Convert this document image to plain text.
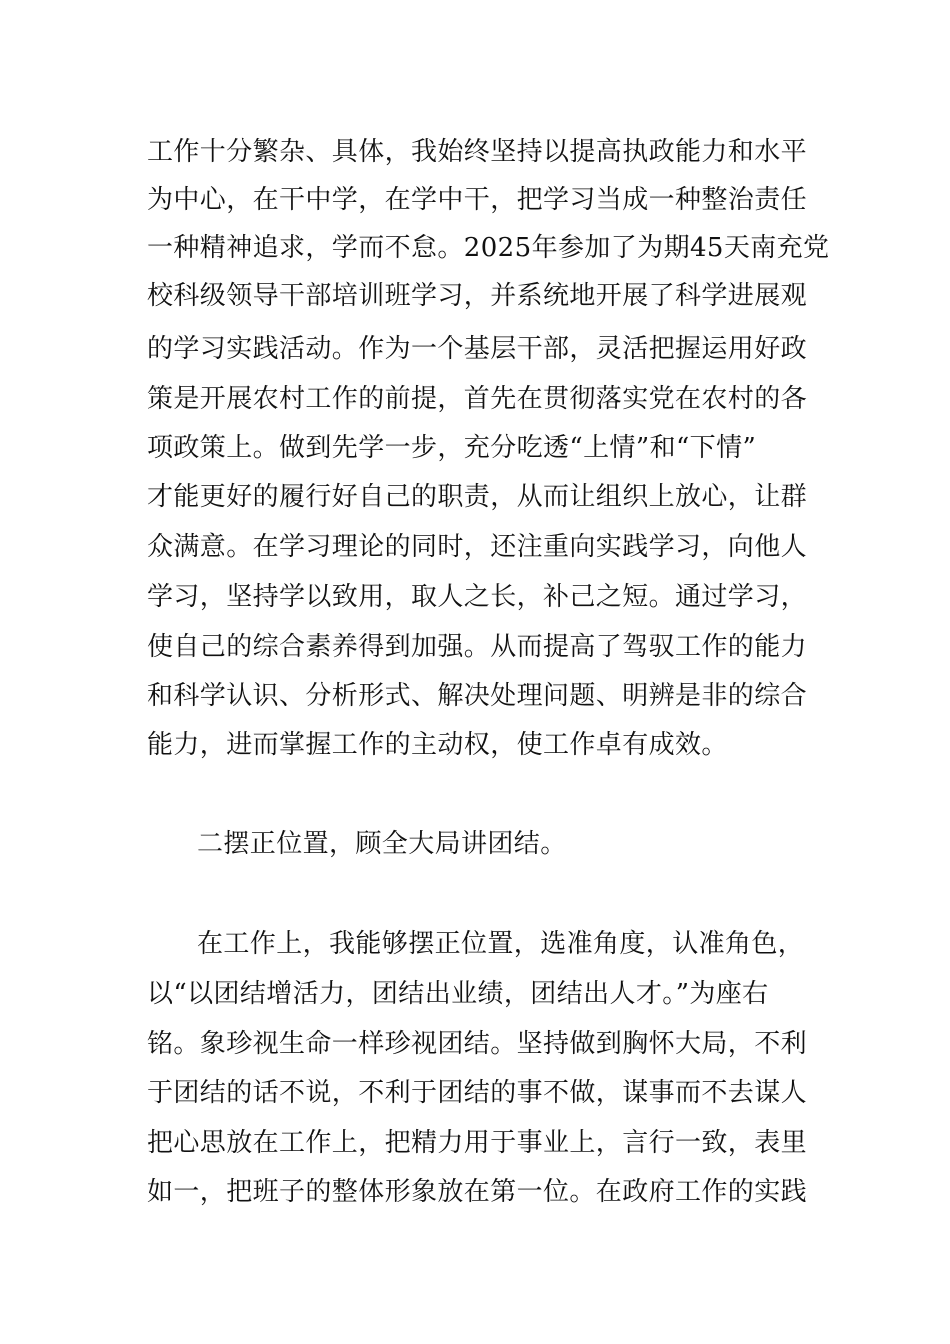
工作十分繁杂、具体，我始终坚持以提高执政能力和水平
为中心，在干中学，在学中干，把学习当成一种整治责任
一种精神追求，学而不怠。2025年参加了为期45天南充党
校科级领导干部培训班学习，并系统地开展了科学进展观
的学习实践活动。作为一个基层干部，灵活把握运用好政
策是开展农村工作的前提，首先在贯彻落实党在农村的各
项政策上。做到先学一步，充分吃透“上情”和“下情”
才能更好的履行好自己的职责，从而让组织上放心，让群
众满意。在学习理论的同时，还注重向实践学习，向他人
学习，坚持学以致用，取人之长，补己之短。通过学习，
使自己的综合素养得到加强。从而提高了驾驭工作的能力
和科学认识、分析形式、解决处理问题、明辨是非的综合
能力，进而掌握工作的主动权，使工作卓有成效。
二摆正位置，顾全大局讲团结。
在工作上，我能够摆正位置，选准角度，认准角色，
以“以团结增活力，团结出业绩，团结出人才。”为座右
铭。象珍视生命一样珍视团结。坚持做到胸怀大局，不利
于团结的话不说，不利于团结的事不做，谋事而不去谋人
把心思放在工作上，把精力用于事业上，言行一致，表里
如一，把班子的整体形象放在第一位。在政府工作的实践
